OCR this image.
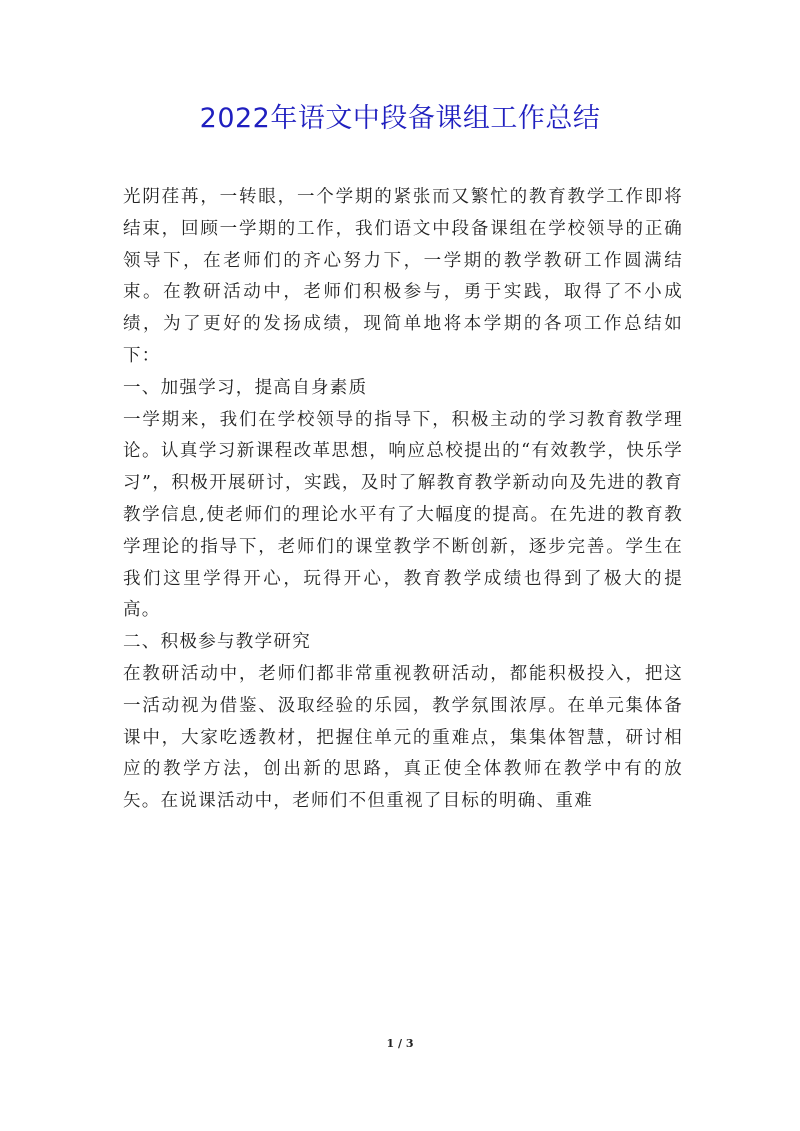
2022年语文中段备课组工作总结

光阴荏苒，一转眼，一个学期的紧张而又繁忙的教育教学工作即将结束，回顾一学期的工作，我们语文中段备课组在学校领导的正确领导下，在老师们的齐心努力下，一学期的教学教研工作圆满结束。在教研活动中，老师们积极参与，勇于实践，取得了不小成绩，为了更好的发扬成绩，现简单地将本学期的各项工作总结如下：

一、加强学习，提高自身素质

一学期来，我们在学校领导的指导下，积极主动的学习教育教学理论。认真学习新课程改革思想，响应总校提出的“有效教学，快乐学习”，积极开展研讨，实践，及时了解教育教学新动向及先进的教育教学信息,使老师们的理论水平有了大幅度的提高。在先进的教育教学理论的指导下，老师们的课堂教学不断创新，逐步完善。学生在我们这里学得开心，玩得开心，教育教学成绩也得到了极大的提高。

二、积极参与教学研究

在教研活动中，老师们都非常重视教研活动，都能积极投入，把这一活动视为借鉴、汲取经验的乐园，教学氛围浓厚。在单元集体备课中，大家吃透教材，把握住单元的重难点，集集体智慧，研讨相应的教学方法，创出新的思路，真正使全体教师在教学中有的放矢。在说课活动中，老师们不但重视了目标的明确、重难

1 / 3
